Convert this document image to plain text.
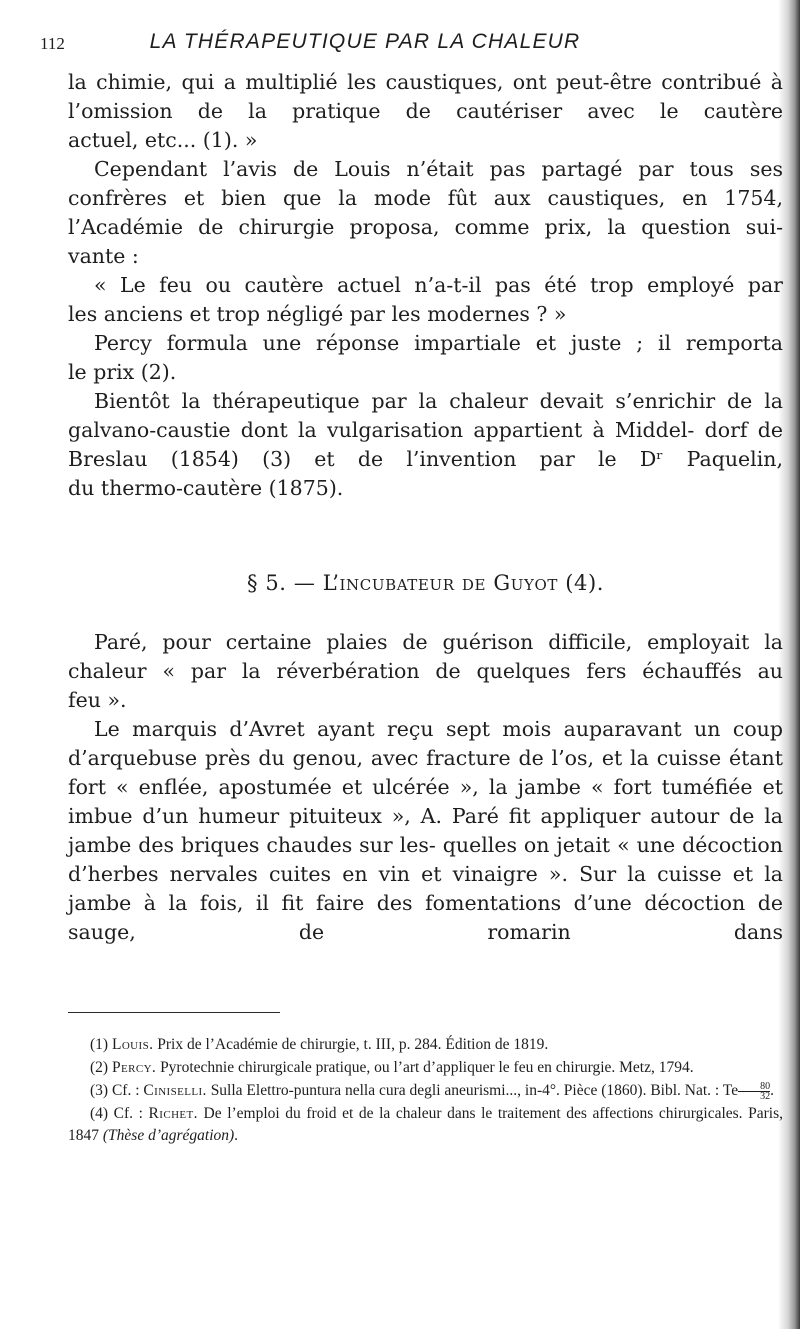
112	LA THÉRAPEUTIQUE PAR LA CHALEUR

la chimie, qui a multiplié les caustiques, ont peut-être contribué à l’omission de la pratique de cautériser avec le cautère

actuel, etc... (1). »

Cependant l’avis de Louis n’était pas partagé par tous ses confrères et bien que la mode fût aux caustiques, en 1754, l’Académie de chirurgie proposa, comme prix, la question sui-

vante :

« Le feu ou cautère actuel n’a-t-il pas été trop employé par

les anciens et trop négligé par les modernes ? »

Percy formula une réponse impartiale et juste ; il remporta

le prix (2).

Bientôt la thérapeutique par la chaleur devait s’enrichir de la galvano-caustie dont la vulgarisation appartient à Middel- dorf de Breslau (1854) (3) et de l’invention par le Dʳ Paquelin,

du thermo-cautère (1875).

§ 5. — L’incubateur de Guyot (4).

Paré, pour certaine plaies de guérison difficile, employait la chaleur « par la réverbération de quelques fers échauffés au

feu ».

Le marquis d’Avret ayant reçu sept mois auparavant un coup d’arquebuse près du genou, avec fracture de l’os, et la cuisse étant fort « enflée, apostumée et ulcérée », la jambe « fort tuméfiée et imbue d’un humeur pituiteux », A. Paré fit appliquer autour de la jambe des briques chaudes sur les- quelles on jetait « une décoction d’herbes nervales cuites en vin et vinaigre ». Sur la cuisse et la jambe à la fois, il fit faire des fomentations d’une décoction de sauge, de romarin dans

(1) Louis. Prix de l’Académie de chirurgie, t. III, p. 284. Édition de 1819.

(2) Percy. Pyrotechnie chirurgicale pratique, ou l’art d’appliquer le feu en chirurgie. Metz, 1794.

(3) Cf. : Ciniselli. Sulla Elettro-puntura nella cura degli aneurismi..., in-4°. Pièce (1860). Bibl. Nat. : Te $\frac{80}{32}$ .

(4) Cf. : Richet. De l’emploi du froid et de la chaleur dans le traitement des affections chirurgicales. Paris, 1847 (Thèse d’agrégation).
